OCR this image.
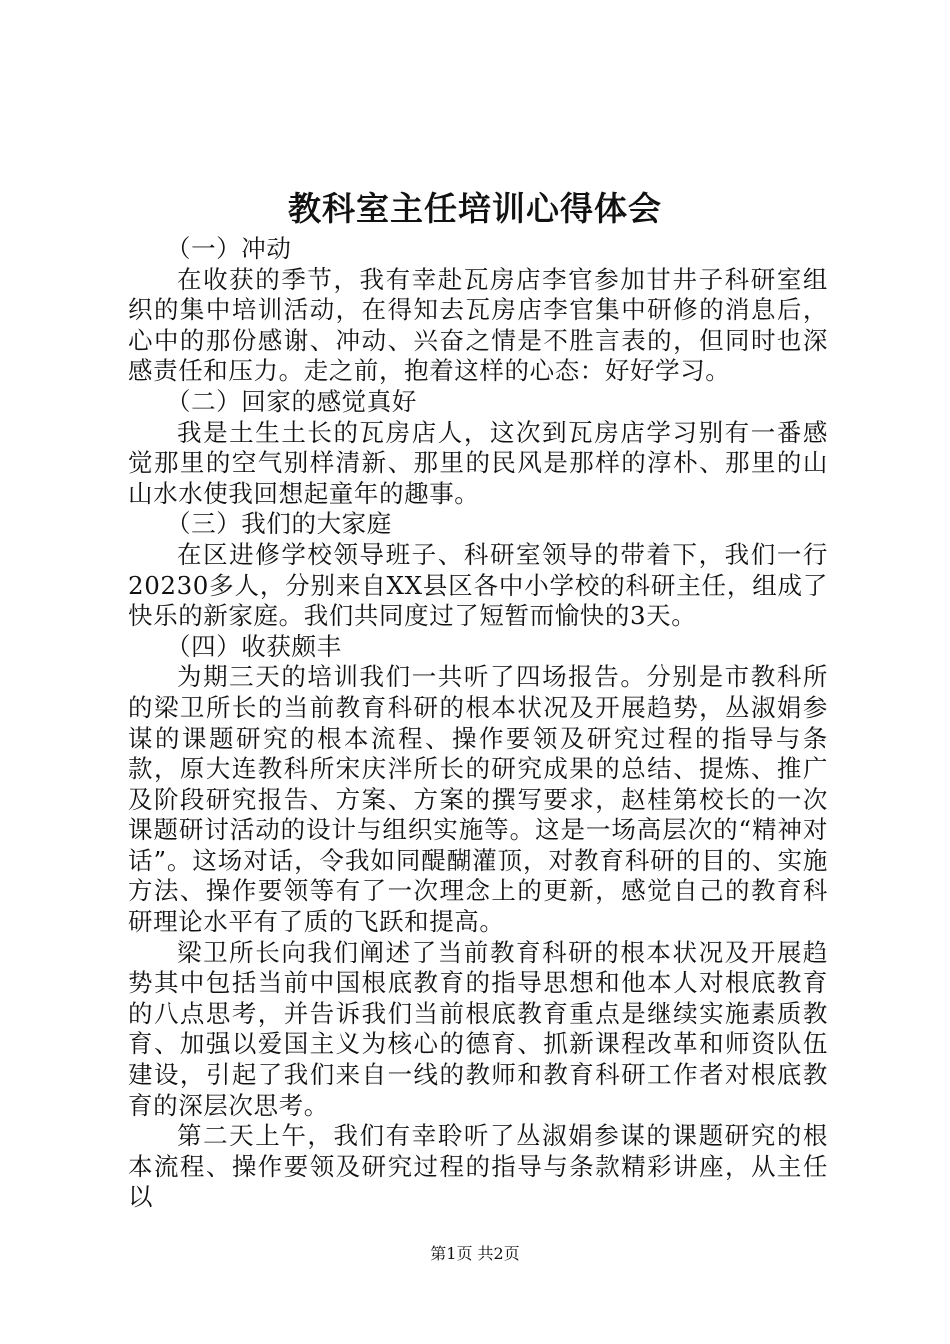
教科室主任培训心得体会

（一）冲动

在收获的季节，我有幸赴瓦房店李官参加甘井子科研室组织的集中培训活动，在得知去瓦房店李官集中研修的消息后，心中的那份感谢、冲动、兴奋之情是不胜言表的，但同时也深感责任和压力。走之前，抱着这样的心态：好好学习。

（二）回家的感觉真好

我是土生土长的瓦房店人，这次到瓦房店学习别有一番感觉那里的空气别样清新、那里的民风是那样的淳朴、那里的山山水水使我回想起童年的趣事。

（三）我们的大家庭

在区进修学校领导班子、科研室领导的带着下，我们一行20230多人，分别来自XX县区各中小学校的科研主任，组成了快乐的新家庭。我们共同度过了短暂而愉快的3天。

（四）收获颇丰

为期三天的培训我们一共听了四场报告。分别是市教科所的梁卫所长的当前教育科研的根本状况及开展趋势，丛淑娟参谋的课题研究的根本流程、操作要领及研究过程的指导与条款，原大连教科所宋庆泮所长的研究成果的总结、提炼、推广及阶段研究报告、方案、方案的撰写要求，赵桂第校长的一次课题研讨活动的设计与组织实施等。这是一场高层次的“精神对话”。这场对话，令我如同醍醐灌顶，对教育科研的目的、实施方法、操作要领等有了一次理念上的更新，感觉自己的教育科研理论水平有了质的飞跃和提高。

梁卫所长向我们阐述了当前教育科研的根本状况及开展趋势其中包括当前中国根底教育的指导思想和他本人对根底教育的八点思考，并告诉我们当前根底教育重点是继续实施素质教育、加强以爱国主义为核心的德育、抓新课程改革和师资队伍建设，引起了我们来自一线的教师和教育科研工作者对根底教育的深层次思考。

第二天上午，我们有幸聆听了丛淑娟参谋的课题研究的根本流程、操作要领及研究过程的指导与条款精彩讲座，从主任以

第1页 共2页
